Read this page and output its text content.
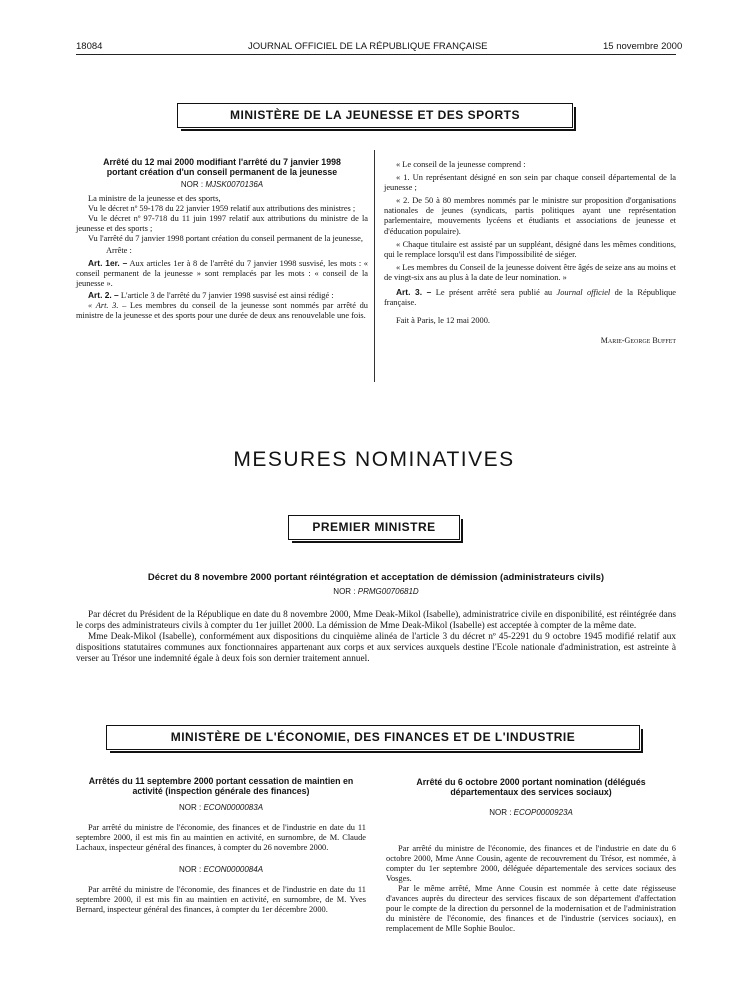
18084	JOURNAL OFFICIEL DE LA RÉPUBLIQUE FRANÇAISE	15 novembre 2000
MINISTÈRE DE LA JEUNESSE ET DES SPORTS

Arrêté du 12 mai 2000 modifiant l'arrêté du 7 janvier 1998 portant création d'un conseil permanent de la jeunesse

NOR : MJSK0070136A

La ministre de la jeunesse et des sports,

Vu le décret nº 59-178 du 22 janvier 1959 relatif aux attributions des ministres ;

Vu le décret nº 97-718 du 11 juin 1997 relatif aux attributions du ministre de la jeunesse et des sports ;

Vu l'arrêté du 7 janvier 1998 portant création du conseil permanent de la jeunesse,

Arrête :

Art. 1er. – Aux articles 1er à 8 de l'arrêté du 7 janvier 1998 susvisé, les mots : « conseil permanent de la jeunesse » sont remplacés par les mots : « conseil de la jeunesse ».

Art. 2. – L'article 3 de l'arrêté du 7 janvier 1998 susvisé est ainsi rédigé :

« Art. 3. – Les membres du conseil de la jeunesse sont nommés par arrêté du ministre de la jeunesse et des sports pour une durée de deux ans renouvelable une fois.

« Le conseil de la jeunesse comprend :

« 1. Un représentant désigné en son sein par chaque conseil départemental de la jeunesse ;

« 2. De 50 à 80 membres nommés par le ministre sur proposition d'organisations nationales de jeunes (syndicats, partis politiques ayant une représentation parlementaire, mouvements lycéens et étudiants et associations de jeunesse et d'éducation populaire).

« Chaque titulaire est assisté par un suppléant, désigné dans les mêmes conditions, qui le remplace lorsqu'il est dans l'impossibilité de siéger.

« Les membres du Conseil de la jeunesse doivent être âgés de seize ans au moins et de vingt-six ans au plus à la date de leur nomination. »

Art. 3. – Le présent arrêté sera publié au Journal officiel de la République française.

Fait à Paris, le 12 mai 2000.

Marie-George Buffet

MESURES NOMINATIVES
PREMIER MINISTRE
Décret du 8 novembre 2000 portant réintégration et acceptation de démission (administrateurs civils)
NOR : PRMG0070681D

Par décret du Président de la République en date du 8 novembre 2000, Mme Deak-Mikol (Isabelle), administratrice civile en disponibilité, est réintégrée dans le corps des administrateurs civils à compter du 1er juillet 2000. La démission de Mme Deak-Mikol (Isabelle) est acceptée à compter de la même date.

Mme Deak-Mikol (Isabelle), conformément aux dispositions du cinquième alinéa de l'article 3 du décret nº 45-2291 du 9 octobre 1945 modifié relatif aux dispositions statutaires communes aux fonctionnaires appartenant aux corps et aux services auxquels destine l'Ecole nationale d'administration, est astreinte à verser au Trésor une indemnité égale à deux fois son dernier traitement annuel.

MINISTÈRE DE L'ÉCONOMIE, DES FINANCES ET DE L'INDUSTRIE

Arrêtés du 11 septembre 2000 portant cessation de maintien en activité (inspection générale des finances)

NOR : ECON0000083A

Par arrêté du ministre de l'économie, des finances et de l'industrie en date du 11 septembre 2000, il est mis fin au maintien en activité, en surnombre, de M. Claude Lachaux, inspecteur général des finances, à compter du 26 novembre 2000.

NOR : ECON0000084A

Par arrêté du ministre de l'économie, des finances et de l'industrie en date du 11 septembre 2000, il est mis fin au maintien en activité, en surnombre, de M. Yves Bernard, inspecteur général des finances, à compter du 1er décembre 2000.

Arrêté du 6 octobre 2000 portant nomination (délégués départementaux des services sociaux)

NOR : ECOP0000923A

Par arrêté du ministre de l'économie, des finances et de l'industrie en date du 6 octobre 2000, Mme Anne Cousin, agente de recouvrement du Trésor, est nommée, à compter du 1er septembre 2000, déléguée départementale des services sociaux des Vosges.

Par le même arrêté, Mme Anne Cousin est nommée à cette date régisseuse d'avances auprès du directeur des services fiscaux de son département d'affectation pour le compte de la direction du personnel de la modernisation et de l'administration du ministère de l'économie, des finances et de l'industrie (services sociaux), en remplacement de Mlle Sophie Bouloc.
